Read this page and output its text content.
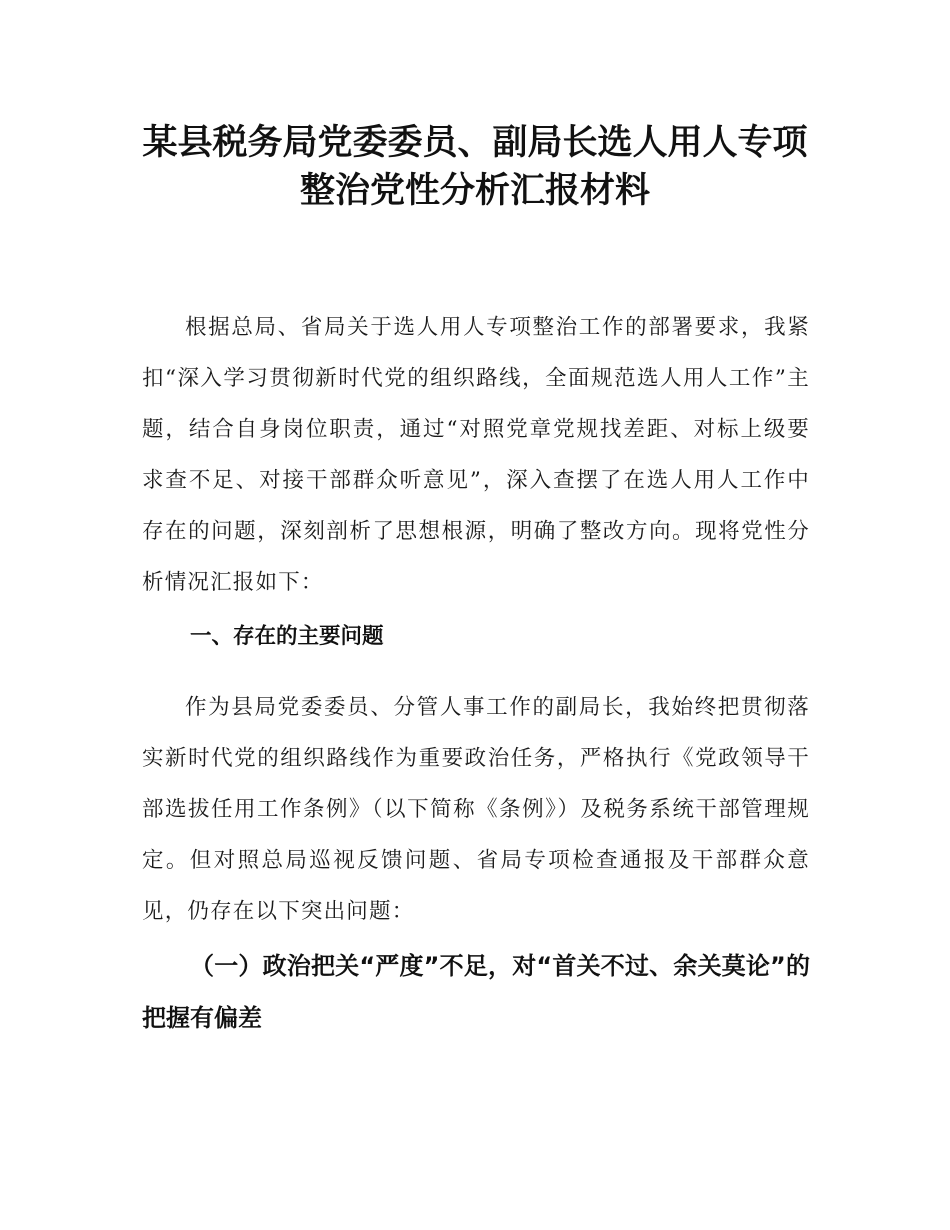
某县税务局党委委员、副局长选人用人专项
整治党性分析汇报材料

根据总局、省局关于选人用人专项整治工作的部署要求，我紧扣“深入学习贯彻新时代党的组织路线，全面规范选人用人工作”主题，结合自身岗位职责，通过“对照党章党规找差距、对标上级要求查不足、对接干部群众听意见”，深入查摆了在选人用人工作中存在的问题，深刻剖析了思想根源，明确了整改方向。现将党性分析情况汇报如下：

一、存在的主要问题

作为县局党委委员、分管人事工作的副局长，我始终把贯彻落实新时代党的组织路线作为重要政治任务，严格执行《党政领导干部选拔任用工作条例》（以下简称《条例》）及税务系统干部管理规定。但对照总局巡视反馈问题、省局专项检查通报及干部群众意见，仍存在以下突出问题：

（一）政治把关“严度”不足，对“首关不过、余关莫论”的把握有偏差
